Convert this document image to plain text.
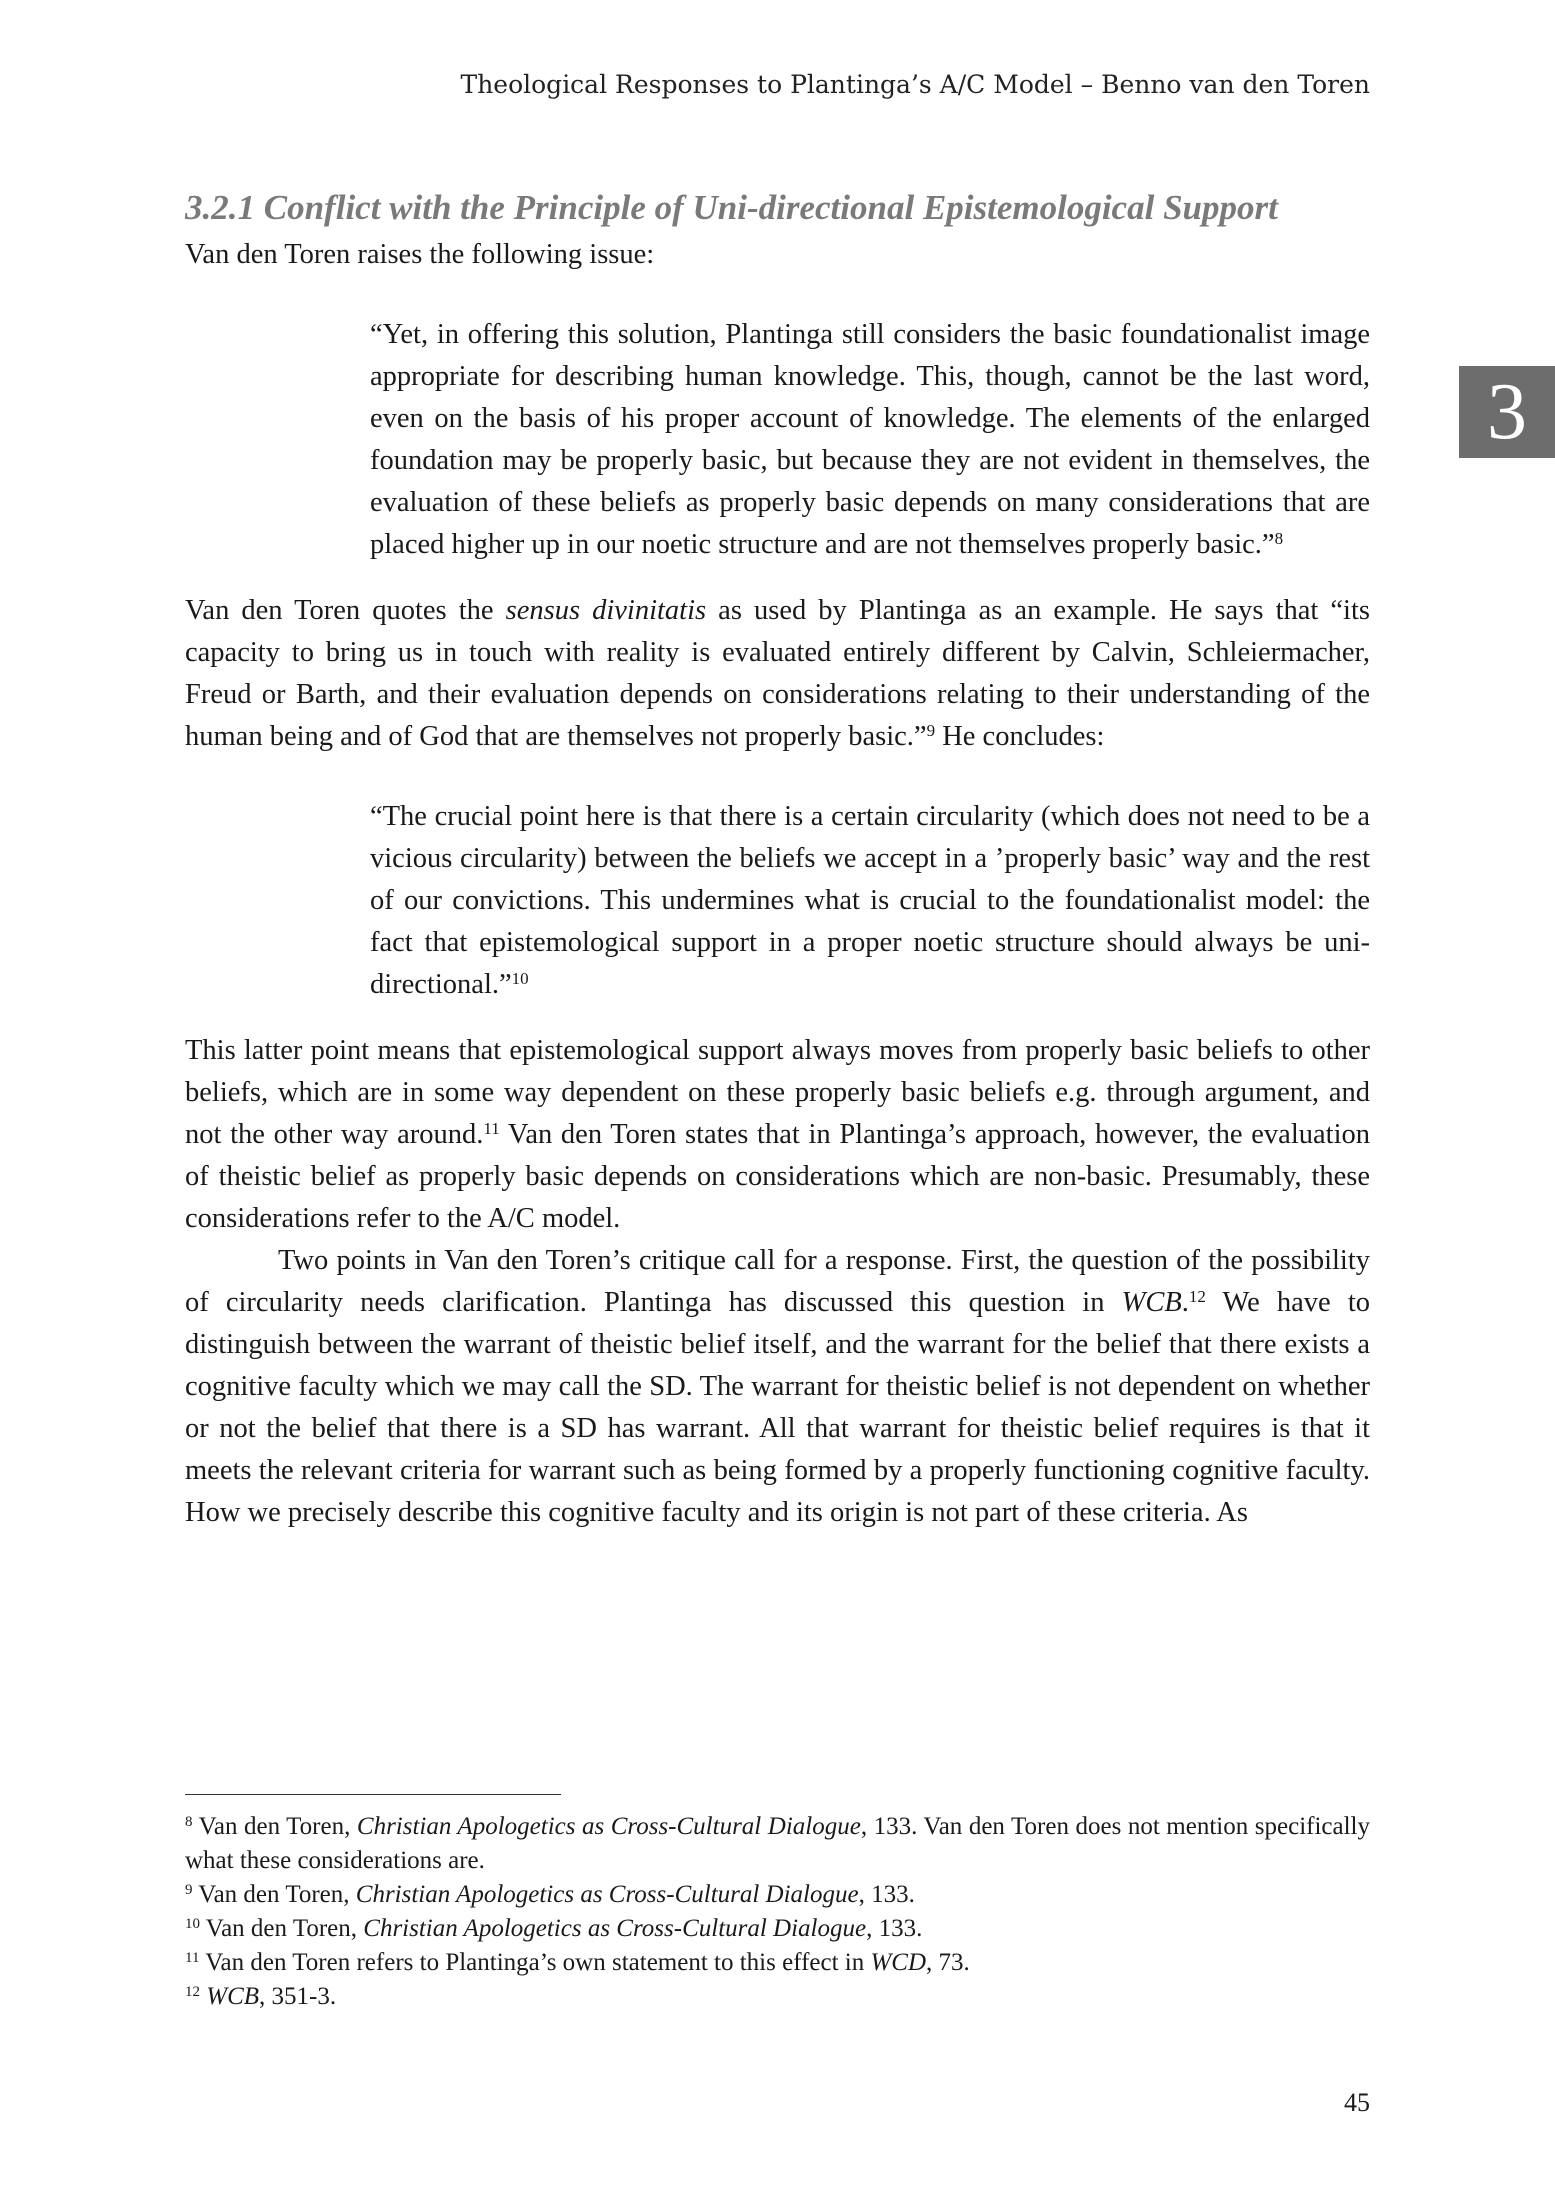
Theological Responses to Plantinga’s A/C Model – Benno van den Toren
3
3.2.1 Conflict with the Principle of Uni-directional Epistemological Support

Van den Toren raises the following issue:

“Yet, in offering this solution, Plantinga still considers the basic foundationalist image appropriate for describing human knowledge. This, though, cannot be the last word, even on the basis of his proper account of knowledge. The elements of the enlarged foundation may be properly basic, but because they are not evident in themselves, the evaluation of these beliefs as properly basic depends on many considerations that are placed higher up in our noetic structure and are not themselves properly basic.”$^8$

Van den Toren quotes the sensus divinitatis as used by Plantinga as an example. He says that “its capacity to bring us in touch with reality is evaluated entirely different by Calvin, Schleiermacher, Freud or Barth, and their evaluation depends on considerations relating to their understanding of the human being and of God that are themselves not properly basic.”$^9$ He concludes:

“The crucial point here is that there is a certain circularity (which does not need to be a vicious circularity) between the beliefs we accept in a ’properly basic’ way and the rest of our convictions. This undermines what is crucial to the foundationalist model: the fact that epistemological support in a proper noetic structure should always be uni-directional.”$^{10}$

This latter point means that epistemological support always moves from properly basic beliefs to other beliefs, which are in some way dependent on these properly basic beliefs e.g. through argument, and not the other way around.$^{11}$ Van den Toren states that in Plantinga’s approach, however, the evaluation of theistic belief as properly basic depends on considerations which are non-basic. Presumably, these considerations refer to the A/C model.

Two points in Van den Toren’s critique call for a response. First, the question of the possibility of circularity needs clarification. Plantinga has discussed this question in WCB.$^{12}$ We have to distinguish between the warrant of theistic belief itself, and the warrant for the belief that there exists a cognitive faculty which we may call the SD. The warrant for theistic belief is not dependent on whether or not the belief that there is a SD has warrant. All that warrant for theistic belief requires is that it meets the relevant criteria for warrant such as being formed by a properly functioning cognitive faculty. How we precisely describe this cognitive faculty and its origin is not part of these criteria. As

$^8$ Van den Toren, Christian Apologetics as Cross-Cultural Dialogue, 133. Van den Toren does not mention specifically what these considerations are.

$^9$ Van den Toren, Christian Apologetics as Cross-Cultural Dialogue, 133.

$^{10}$ Van den Toren, Christian Apologetics as Cross-Cultural Dialogue, 133.

$^{11}$ Van den Toren refers to Plantinga’s own statement to this effect in WCD, 73.

$^{12}$ WCB, 351-3.

45
